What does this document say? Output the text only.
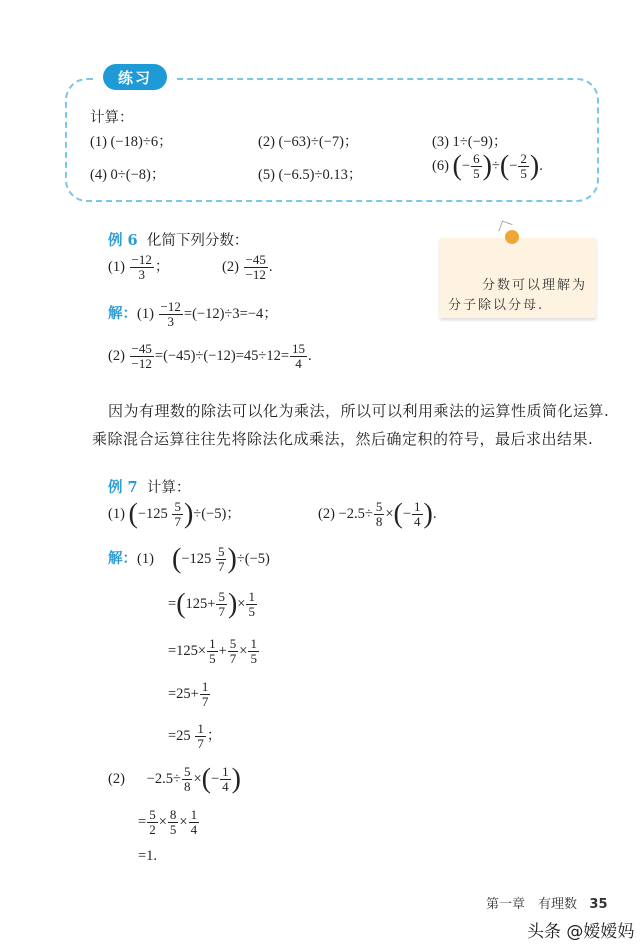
练习
计算：
(1) (−18)÷6；	(2) (−63)÷(−7)；	(3) 1÷(−9)；
(4) 0÷(−8)；	(5) (−6.5)÷0.13；
(6) (− $\frac{6}{5}$ )÷(− $\frac{2}{5}$ ).
例 6 化简下列分数：
$(1) \frac{-12}{3}$ ；	$(2) \frac{-45}{-12}$ .
解：$(1) \frac{-12}{3} =(-12)\div 3=-4$；
$(2) \frac{-45}{-12} =(-45)\div(-12)=45\div 12= \frac{15}{4}$ .
分数可以理解为
分子除以分母.
因为有理数的除法可以化为乘法，所以可以利用乘法的运算性质简化运算.
乘除混合运算往往先将除法化成乘法，然后确定积的符号，最后求出结果.
例 7 计算：
(1) $(-125 \frac{5}{7} )\div(-5)$；	$(2) -2.5\div \frac{5}{8}$ ×(− $\frac{1}{4}$ ).
解：(1) $(-125 \frac{5}{7} )\div(-5)$
$=(125+ \frac{5}{7}$ )× $\frac{1}{5}$
$=125\times \frac{1}{5} + \frac{5}{7} \times \frac{1}{5}$
$=25+ \frac{1}{7}$
$=25 \frac{1}{7}$ ；
$(2) -2.5\div \frac{5}{8}$ ×(− $\frac{1}{4}$ )
= $\frac{5}{2} \times \frac{8}{5} \times \frac{1}{4}$
=1.
第一章　有理数 35
头条 @嫒嫒妈
